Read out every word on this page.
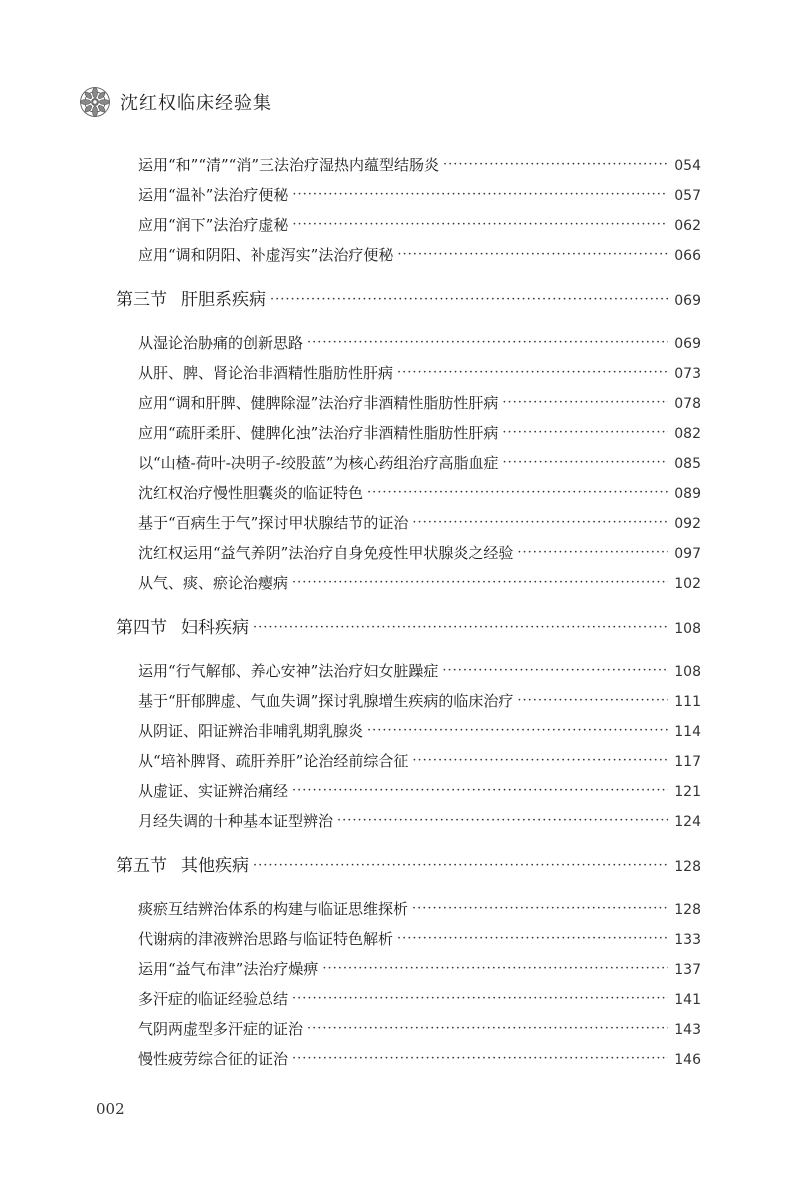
沈红权临床经验集
运用“和”“清”“消”三法治疗湿热内蕴型结肠炎 ·····	054
运用“温补”法治疗便秘 ·····	057
应用“润下”法治疗虚秘 ·····	062
应用“调和阴阳、补虚泻实”法治疗便秘 ·····	066
第三节 肝胆系疾病 ·····	069
从湿论治胁痛的创新思路 ·····	069
从肝、脾、肾论治非酒精性脂肪性肝病 ·····	073
应用“调和肝脾、健脾除湿”法治疗非酒精性脂肪性肝病 ·····	078
应用“疏肝柔肝、健脾化浊”法治疗非酒精性脂肪性肝病 ·····	082
以“山楂-荷叶-决明子-绞股蓝”为核心药组治疗高脂血症 ·····	085
沈红权治疗慢性胆囊炎的临证特色 ·····	089
基于“百病生于气”探讨甲状腺结节的证治 ·····	092
沈红权运用“益气养阴”法治疗自身免疫性甲状腺炎之经验 ·····	097
从气、痰、瘀论治瘿病 ·····	102
第四节 妇科疾病 ·····	108
运用“行气解郁、养心安神”法治疗妇女脏躁症 ·····	108
基于“肝郁脾虚、气血失调”探讨乳腺增生疾病的临床治疗 ·····	111
从阴证、阳证辨治非哺乳期乳腺炎 ·····	114
从“培补脾肾、疏肝养肝”论治经前综合征 ·····	117
从虚证、实证辨治痛经 ·····	121
月经失调的十种基本证型辨治 ·····	124
第五节 其他疾病 ·····	128
痰瘀互结辨治体系的构建与临证思维探析 ·····	128
代谢病的津液辨治思路与临证特色解析 ·····	133
运用“益气布津”法治疗燥痹 ·····	137
多汗症的临证经验总结 ·····	141
气阴两虚型多汗症的证治 ·····	143
慢性疲劳综合征的证治 ·····	146
002
